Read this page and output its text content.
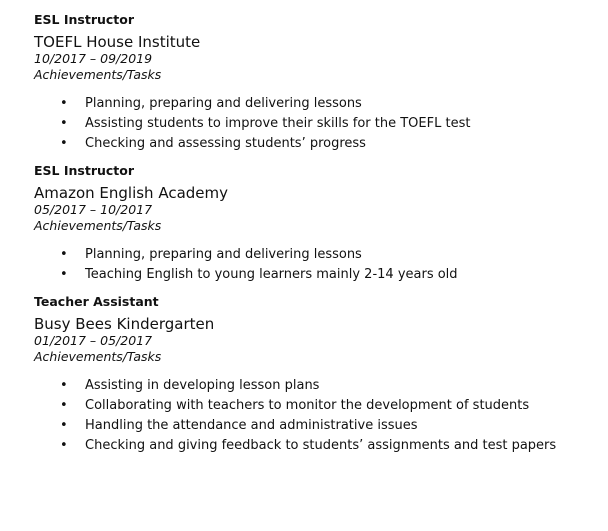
ESL Instructor
TOEFL House Institute
10/2017 – 09/2019
Achievements/Tasks
• Planning, preparing and delivering lessons
• Assisting students to improve their skills for the TOEFL test
• Checking and assessing students’ progress
ESL Instructor
Amazon English Academy
05/2017 – 10/2017
Achievements/Tasks
• Planning, preparing and delivering lessons
• Teaching English to young learners mainly 2-14 years old
Teacher Assistant
Busy Bees Kindergarten
01/2017 – 05/2017
Achievements/Tasks
• Assisting in developing lesson plans
• Collaborating with teachers to monitor the development of students
• Handling the attendance and administrative issues
• Checking and giving feedback to students’ assignments and test papers
